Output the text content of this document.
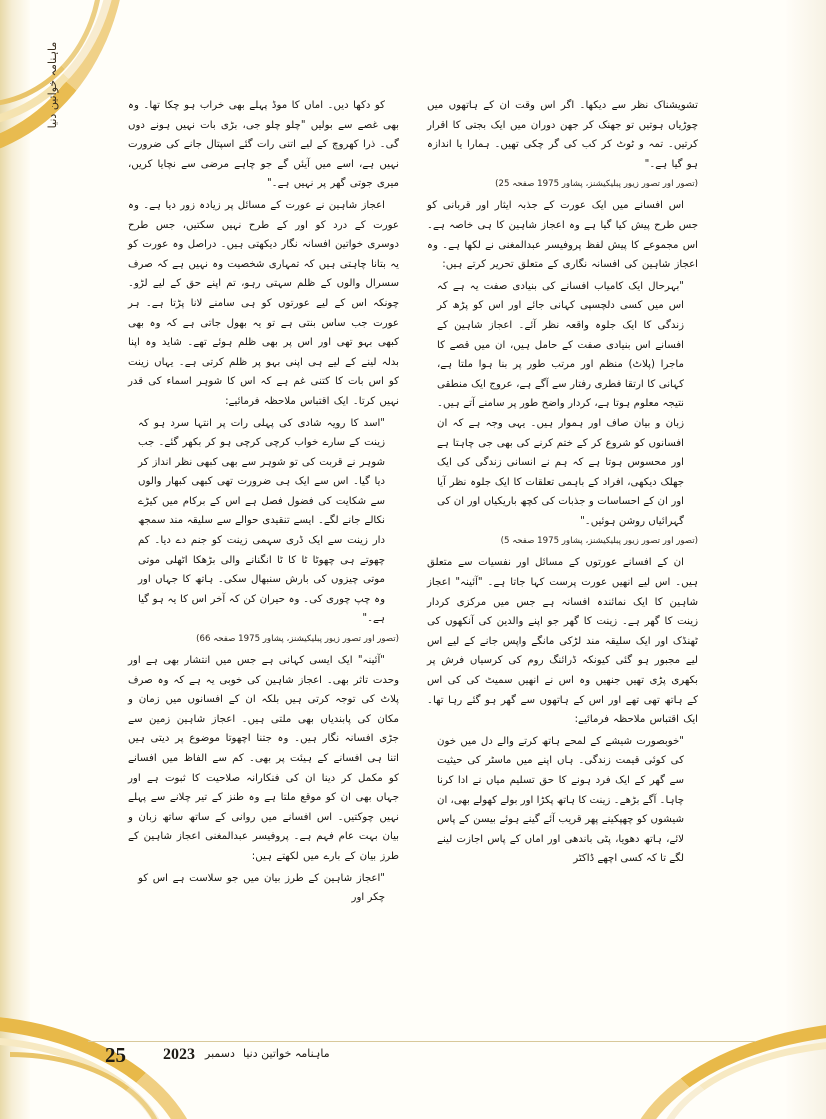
ماہنامہ خواتین دنیا	کو دکھا دیں۔ اماں کا موڈ پہلے بھی خراب ہو چکا تھا۔ وہ بھی غصے سے بولیں "چلو چلو جی، بڑی بات نہیں ہونے دوں گی۔ ذرا کھروچ کے لیے اتنی رات گئے اسپتال جانے کی ضرورت نہیں ہے، اسے میں آیئں گے جو چاہے مرضی سے نچایا کریں، میری جوتی گھر پر نہیں ہے۔"

اعجاز شاہین نے عورت کے مسائل پر زیادہ زور دیا ہے۔ وہ عورت کے درد کو اور کے طرح نہیں سکتیں، جس طرح دوسری خواتین افسانہ نگار دیکھتی ہیں۔ دراصل وہ عورت کو یہ بتانا چاہتی ہیں کہ تمہاری شخصیت وہ نہیں ہے کہ صرف سسرال والوں کے ظلم سہتی رہو، تم اپنے حق کے لیے لڑو۔ چونکہ اس کے لیے عورتوں کو ہی سامنے لانا پڑتا ہے۔ ہر عورت جب ساس بنتی ہے تو یہ بھول جاتی ہے کہ وہ بھی کبھی بہو تھی اور اس پر بھی ظلم ہوئے تھے۔ شاید وہ اپنا بدلہ لینے کے لیے ہی اپنی بہو پر ظلم کرتی ہے۔ یہاں زینت کو اس بات کا کتنی غم ہے کہ اس کا شوہر اسماء کی قدر نہیں کرتا۔ ایک اقتباس ملاحظہ فرمائیے:

"اسد کا رویہ شادی کی پہلی رات پر انتہا سرد ہو کہ زینت کے سارے خواب کرچی کرچی ہو کر بکھر گئے۔ جب شوہر نے قربت کی تو شوہر سے بھی کبھی نظر انداز کر دیا گیا۔ اس سے ایک ہی ضرورت تھی کبھی کبھار والوں سے شکایت کی فضول فصل ہے اس کے برکام میں کیڑے نکالے جانے لگے۔ ایسے تنقیدی حوالے سے سلیقہ مند سمجھ دار زینت سے ایک ڈری سہمی زینت کو جنم دے دیا۔ کم چھوتے ہی چھوٹا ٹا کا ٹا انگنانے والی بڑھکا اٹھلی موتی موتی چیزوں کی بارش سنبھال سکی۔ ہاتھ کا جہاں اور وہ چپ چوری کی۔ وہ حیران کن کہ آخر اس کا یہ ہو گیا ہے۔"

(تصور اور تصور زیور پبلیکیشنز، پشاور 1975 صفحہ 66)

"آئینہ" ایک ایسی کہانی ہے جس میں انتشار بھی ہے اور وحدت تاثر بھی۔ اعجاز شاہین کی خوبی یہ ہے کہ وہ صرف پلاٹ کی توجہ کرتی ہیں بلکہ ان کے افسانوں میں زمان و مکان کی پابندیاں بھی ملتی ہیں۔ اعجاز شاہین زمین سے جڑی افسانہ نگار ہیں۔ وہ جتنا اچھوتا موضوع پر دیتی ہیں اتنا ہی افسانے کے ہیئت پر بھی۔ کم سے الفاظ میں افسانے کو مکمل کر دینا ان کی فنکارانہ صلاحیت کا ثبوت ہے اور جہاں بھی ان کو موقع ملتا ہے وہ طنز کے تیر چلانے سے پہلے نہیں چوکتیں۔ اس افسانے میں روانی کے ساتھ ساتھ زبان و بیان بہت عام فہم ہے۔ پروفیسر عبدالمغنی اعجاز شاہین کے طرز بیان کے بارے میں لکھتے ہیں:

"اعجاز شاہین کے طرز بیان میں جو سلاست ہے اس کو چکر اور

تشویشناک نظر سے دیکھا۔ اگر اس وقت ان کے ہاتھوں میں چوڑیاں ہوتیں تو جھنک کر جھن دوران میں ایک بجتی کا اقرار کرتیں۔ تمہ و ٹوٹ کر کب کی گر چکی تھیں۔ ہمارا یا اندازہ ہو گیا ہے۔"

(تصور اور تصور زیور پبلیکیشنز، پشاور 1975 صفحہ 25)

اس افسانے میں ایک عورت کے جذبہ ایثار اور قربانی کو جس طرح پیش کیا گیا ہے وہ اعجاز شاہین کا ہی خاصہ ہے۔ اس مجموعے کا پیش لفظ پروفیسر عبدالمغنی نے لکھا ہے۔ وہ اعجاز شاہین کی افسانہ نگاری کے متعلق تحریر کرتے ہیں:

"بہرحال ایک کامیاب افسانے کی بنیادی صفت یہ ہے کہ اس میں کسی دلچسپی کہانی جائے اور اس کو پڑھ کر زندگی کا ایک جلوہ واقعہ نظر آئے۔ اعجاز شاہین کے افسانے اس بنیادی صفت کے حامل ہیں، ان میں قصے کا ماجرا (پلاٹ) منظم اور مرتب طور پر بنا ہوا ملتا ہے، کہانی کا ارتقا فطری رفتار سے آگے ہے، عروج ایک منطقی نتیجہ معلوم ہوتا ہے، کردار واضح طور پر سامنے آتے ہیں۔ زبان و بیان صاف اور ہموار ہیں۔ یہی وجہ ہے کہ ان افسانوں کو شروع کر کے ختم کرنے کی بھی جی چاہتا ہے اور محسوس ہوتا ہے کہ ہم نے انسانی زندگی کی ایک جھلک دیکھی، افراد کے باہمی تعلقات کا ایک جلوہ نظر آیا اور ان کے احساسات و جذبات کی کچھ باریکیاں اور ان کی گہرائیاں روشن ہوئیں۔"

(تصور اور تصور زیور پبلیکیشنز، پشاور 1975 صفحہ 5)

ان کے افسانے عورتوں کے مسائل اور نفسیات سے متعلق ہیں۔ اس لیے انھیں عورت پرست کہا جاتا ہے۔ "آئینہ" اعجاز شاہین کا ایک نمائندہ افسانہ ہے جس میں مرکزی کردار زینت کا گھر ہے۔ زینت کا گھر جو اپنے والدین کی آنکھوں کی ٹھنڈک اور ایک سلیقہ مند لڑکی مانگے واپس جانے کے لیے اس لیے مجبور ہو گئی کیونکہ ڈرائنگ روم کی کرسیاں فرش پر بکھری پڑی تھیں جنھیں وہ اس نے انھیں سمیٹ کی کی اس کے ہاتھ تھی تھے اور اس کے ہاتھوں سے گھر ہو گئے رہا تھا۔ ایک اقتباس ملاحظہ فرمائیے:

"خوبصورت شیشے کے لمحے ہاتھ کرتے والے دل میں خون کی کوئی قیمت زندگی۔ ہاں اپنے میں ماسٹر کی حیثیت سے گھر کے ایک فرد ہونے کا حق تسلیم میاں نے ادا کرنا چاہا۔ آگے بڑھے۔ زینت کا ہاتھ پکڑا اور بولے کھولے بھی، ان شیشوں کو چھپکینے پھر قریب آئے گینے ہوئے بیسن کے پاس لائے، ہاتھ دھویا، پٹی باندھی اور اماں کے پاس اجازت لینے لگے تا کہ کسی اچھے ڈاکٹر

25 2023 دسمبر ماہنامہ خواتین دنیا
